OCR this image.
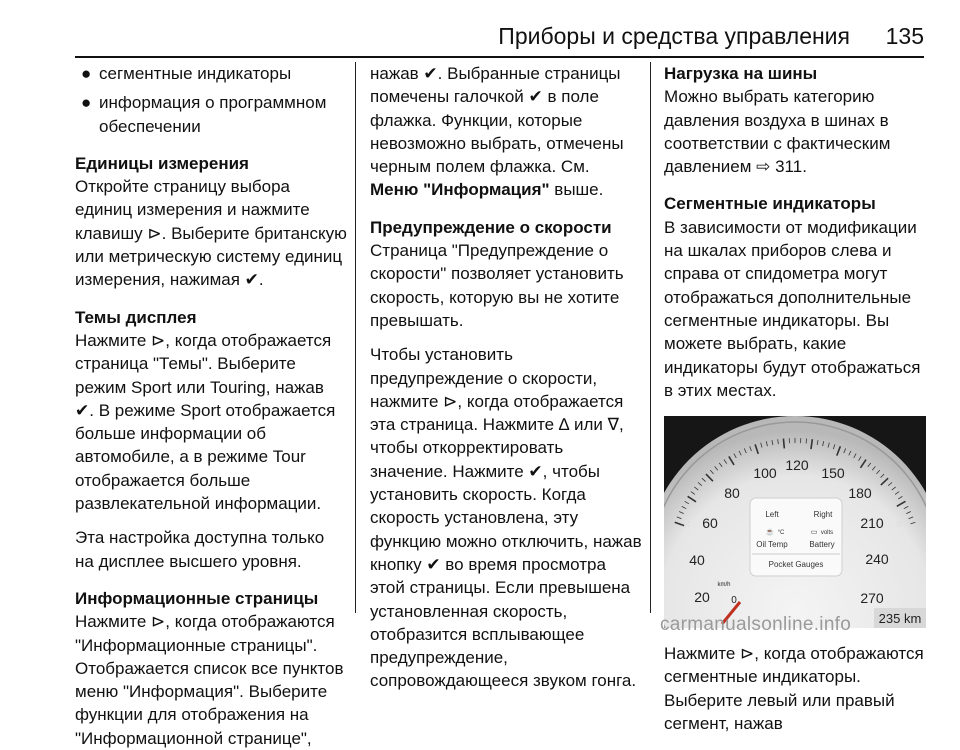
Приборы и средства управления 135
● сегментные индикаторы
● информация о программном обеспечении

Единицы измерения

Откройте страницу выбора единиц измерения и нажмите клавишу ⊳. Выберите британскую или метрическую систему единиц измерения, нажимая ✔.

Темы дисплея

Нажмите ⊳, когда отображается страница "Темы". Выберите режим Sport или Touring, нажав ✔. В режиме Sport отображается больше информации об автомобиле, а в режиме Tour отображается больше развлекательной информации.

Эта настройка доступна только на дисплее высшего уровня.

Информационные страницы

Нажмите ⊳, когда отображаются "Информационные страницы". Отображается список все пунктов меню "Информация". Выберите функции для отображения на "Информационной странице",

нажав ✔. Выбранные страницы помечены галочкой ✔ в поле флажка. Функции, которые невозможно выбрать, отмечены черным полем флажка. См. Меню "Информация" выше.

Предупреждение о скорости

Страница "Предупреждение о скорости" позволяет установить скорость, которую вы не хотите превышать.

Чтобы установить предупреждение о скорости, нажмите ⊳, когда отображается эта страница. Нажмите ∆ или ∇, чтобы откорректировать значение. Нажмите ✔, чтобы установить скорость. Когда скорость установлена, эту функцию можно отключить, нажав кнопку ✔ во время просмотра этой страницы. Если превышена установленная скорость, отобразится всплывающее предупреждение, сопровождающееся звуком гонга.

Нагрузка на шины

Можно выбрать категорию давления воздуха в шинах в соответствии с фактическим давлением ⇨ 311.

Сегментные индикаторы

В зависимости от модификации на шкалах приборов слева и справа от спидометра могут отображаться дополнительные сегментные индикаторы. Вы можете выбрать, какие индикаторы будут отображаться в этих местах.

20
40
60
80
100 120 150
180
210
240
270
0
km/h
Left	Right
☕ °C	▭ volts
Oil Temp	Battery
Pocket Gauges
⁝ ‹	≡
235 km

Нажмите ⊳, когда отображаются сегментные индикаторы. Выберите левый или правый сегмент, нажав

carmanualsonline.info
